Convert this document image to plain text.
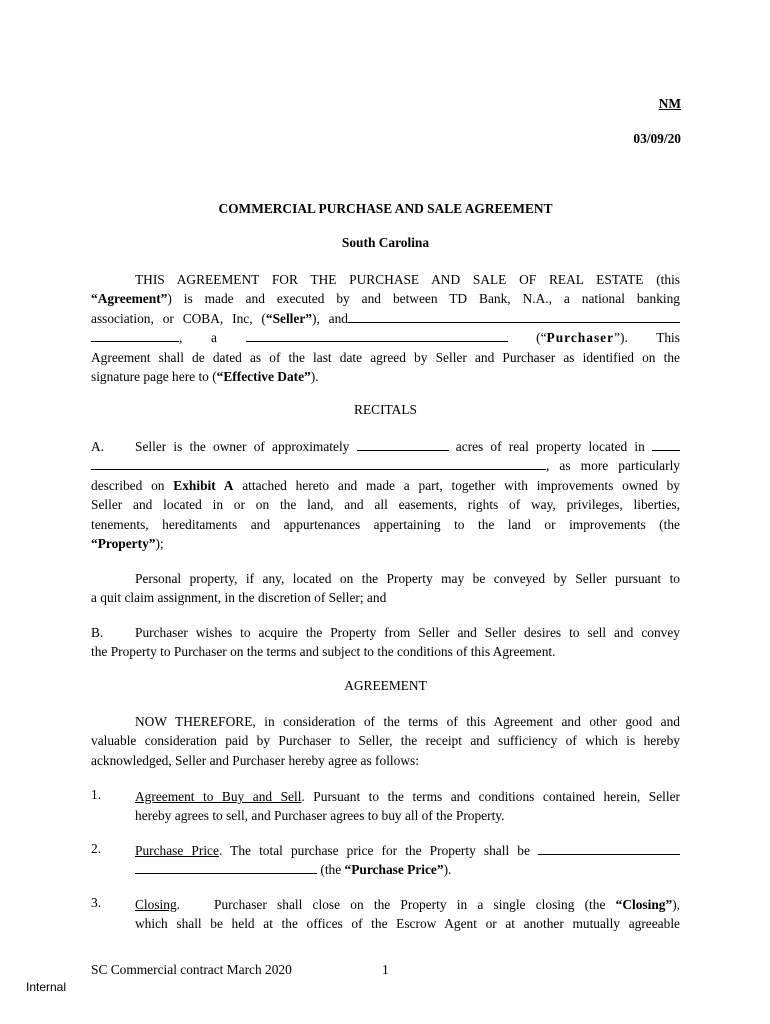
NM
03/09/20
COMMERCIAL PURCHASE AND SALE AGREEMENT
South Carolina
THIS AGREEMENT FOR THE PURCHASE AND SALE OF REAL ESTATE (this
“Agreement”) is made and executed by and between TD Bank, N.A., a national banking
association, or COBA, Inc, (“Seller”), and
, a	(“Purchaser”). This
Agreement shall de dated as of the last date agreed by Seller and Purchaser as identified on the
signature page here to (“Effective Date”).
RECITALS
A. Seller is the owner of approximately	acres of real property located in
, as more particularly
described on Exhibit A attached hereto and made a part, together with improvements owned by
Seller and located in or on the land, and all easements, rights of way, privileges, liberties,
tenements, hereditaments and appurtenances appertaining to the land or improvements (the
“Property”);
Personal property, if any, located on the Property may be conveyed by Seller pursuant to
a quit claim assignment, in the discretion of Seller; and
B. Purchaser wishes to acquire the Property from Seller and Seller desires to sell and convey
the Property to Purchaser on the terms and subject to the conditions of this Agreement.
AGREEMENT
NOW THEREFORE, in consideration of the terms of this Agreement and other good and
valuable consideration paid by Purchaser to Seller, the receipt and sufficiency of which is hereby
acknowledged, Seller and Purchaser hereby agree as follows:
1.	Agreement to Buy and Sell. Pursuant to the terms and conditions contained herein, Seller
hereby agrees to sell, and Purchaser agrees to buy all of the Property.
2.	Purchase Price. The total purchase price for the Property shall be
(the “Purchase Price”).
3.	Closing.	Purchaser shall close on the Property in a single closing (the “Closing”),
which shall be held at the offices of the Escrow Agent or at another mutually agreeable
SC Commercial contract March 2020	1
Internal
